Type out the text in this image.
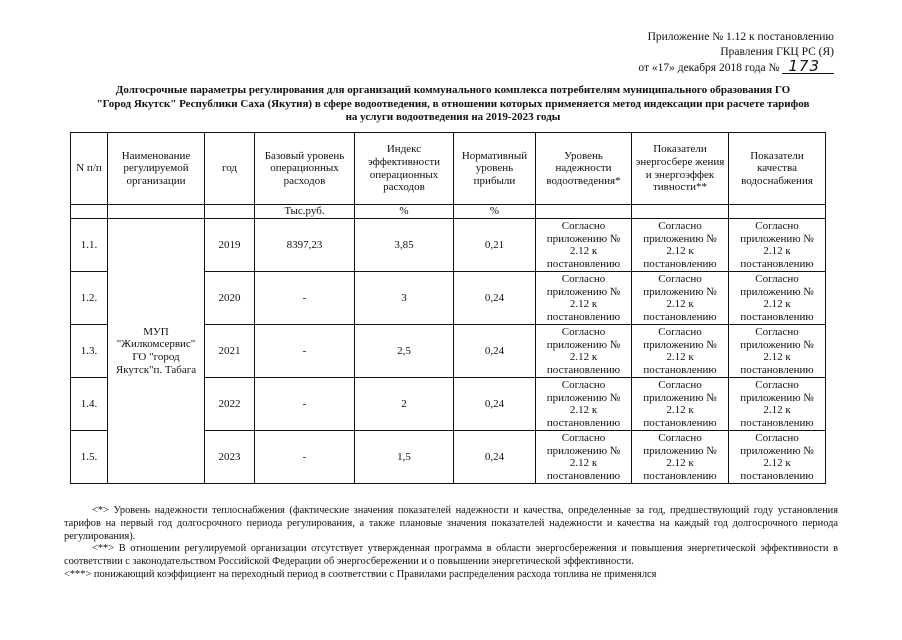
Приложение № 1.12 к постановлению
Правления ГКЦ РС (Я)
от «17» декабря 2018 года № 173
Долгосрочные параметры регулирования для организаций коммунального комплекса потребителям муниципального образования ГО
"Город Якутск" Республики Саха (Якутия) в сфере водоотведения, в отношении которых применяется метод индексации при расчете тарифов
на услуги водоотведения на 2019-2023 годы
N п/п	Наименование регулируемой организации	год	Базовый уровень операционных расходов	Индекс эффективности операционных расходов	Нормативный уровень прибыли	Уровень надежности водоотведения*	Показатели энергосбере жения и энергоэффек тивности**	Показатели качества водоснабжения
			Тыс.руб.	%	%			
1.1.	МУП "Жилкомсервис" ГО "город Якутск"п. Табага	2019	8397,23	3,85	0,21	Согласно приложению № 2.12 к постановлению	Согласно приложению № 2.12 к постановлению	Согласно приложению № 2.12 к постановлению
1.2.		2020	-	3	0,24	Согласно приложению № 2.12 к постановлению	Согласно приложению № 2.12 к постановлению	Согласно приложению № 2.12 к постановлению
1.3.		2021	-	2,5	0,24	Согласно приложению № 2.12 к постановлению	Согласно приложению № 2.12 к постановлению	Согласно приложению № 2.12 к постановлению
1.4.		2022	-	2	0,24	Согласно приложению № 2.12 к постановлению	Согласно приложению № 2.12 к постановлению	Согласно приложению № 2.12 к постановлению
1.5.		2023	-	1,5	0,24	Согласно приложению № 2.12 к постановлению	Согласно приложению № 2.12 к постановлению	Согласно приложению № 2.12 к постановлению

<*> Уровень надежности теплоснабжения (фактические значения показателей надежности и качества, определенные за год, предшествующий году установления тарифов на первый год долгосрочного периода регулирования, а также плановые значения показателей надежности и качества на каждый год долгосрочного периода регулирования).

<**> В отношении регулируемой организации отсутствует утвержденная программа в области энергосбережения и повышения энергетической эффективности в соответствии с законодательством Российской Федерации об энергосбережении и о повышении энергетической эффективности.

<***> понижающий коэффициент на переходный период в соответствии с Правилами распределения расхода топлива не применялся
